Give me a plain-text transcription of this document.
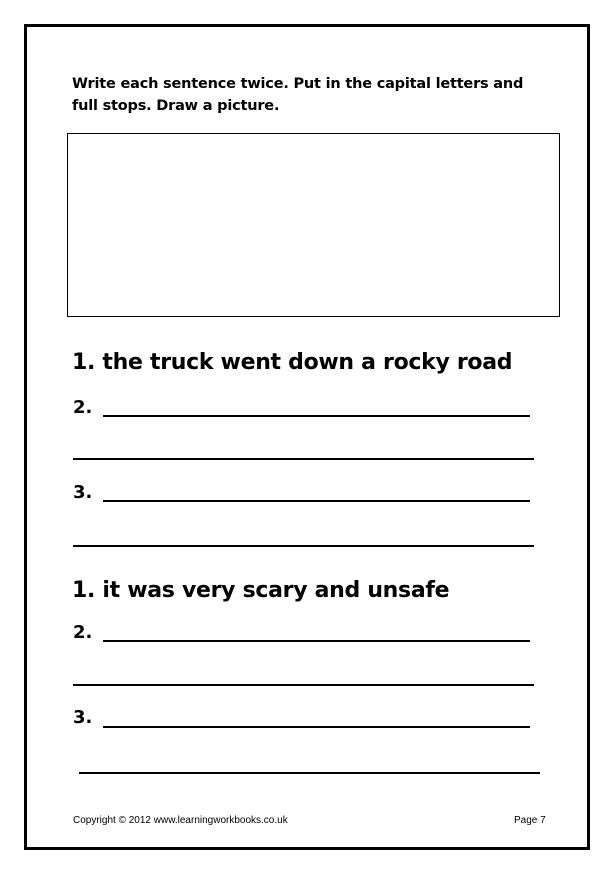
Write each sentence twice. Put in the capital letters and full stops. Draw a picture.
1. the truck went down a rocky road
2.
3.
1. it was very scary and unsafe
2.
3.
Copyright © 2012 www.learningworkbooks.co.uk	Page 7
